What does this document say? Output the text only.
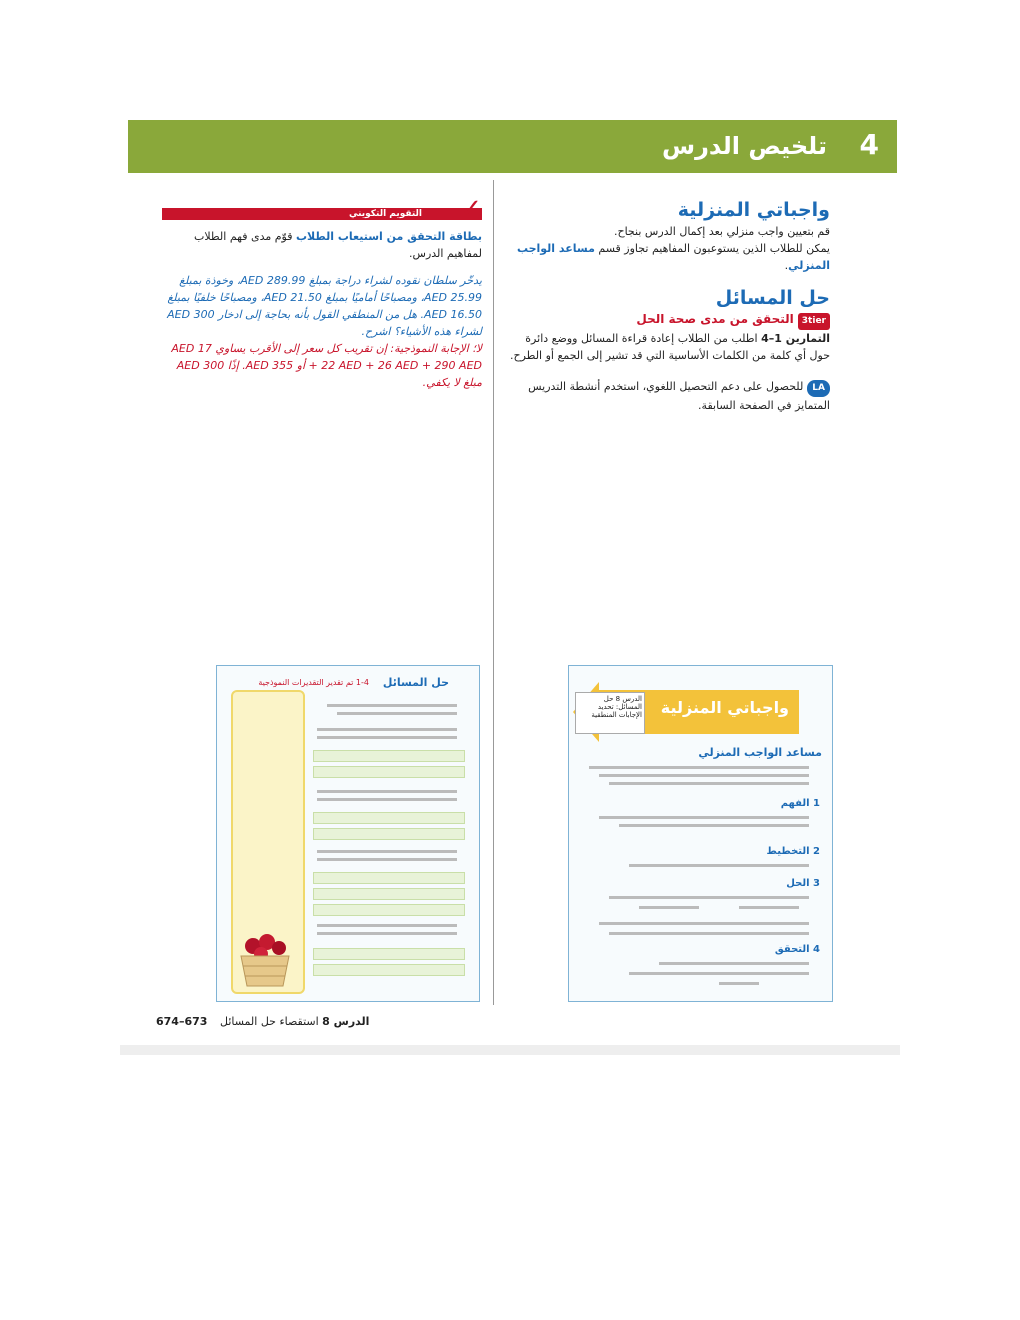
تلخيص الدرس 4
واجباتي المنزلية
قم بتعيين واجب منزلي بعد إكمال الدرس بنجاح.
يمكن للطلاب الذين يستوعبون المفاهيم تجاوز قسم مساعد الواجب المنزلي.
حل المسائل
3tierالتحقق من مدى صحة الحل
التمارين 1–4 اطلب من الطلاب إعادة قراءة المسائل ووضع دائرة حول أي كلمة من الكلمات الأساسية التي قد تشير إلى الجمع أو الطرح.
LAللحصول على دعم التحصيل اللغوي، استخدم أنشطة التدريس المتمايز في الصفحة السابقة.
✓
التقويم التكويني
بطاقة التحقق من استيعاب الطلاب قوّم مدى فهم الطلاب لمفاهيم الدرس.
يدخّر سلطان نقوده لشراء دراجة بمبلغ 289.99 AED، وخوذة بمبلغ 25.99 AED، ومصباحًا أماميًا بمبلغ 21.50 AED، ومصباحًا خلفيًا بمبلغ 16.50 AED. هل من المنطقي القول بأنه بحاجة إلى ادخار 300 AED لشراء هذه الأشياء؟ اشرح.
لا؛ الإجابة النموذجية: إن تقريب كل سعر إلى الأقرب يساوي 17 AED + 22 AED + 26 AED + 290 AED أو 355 AED. إذًا 300 AED مبلغ لا يكفي.
واجباتي المنزلية
الدرس 8 حل المسائل: تحديد الإجابات المنطقية
مساعد الواجب المنزلي
1 الفهم
2 التخطيط
3 الحل
4 التحقق
حل المسائل
1-4 تم تقدير التقديرات النموذجية
الدرس 8 استقصاء حل المسائل
673–674
